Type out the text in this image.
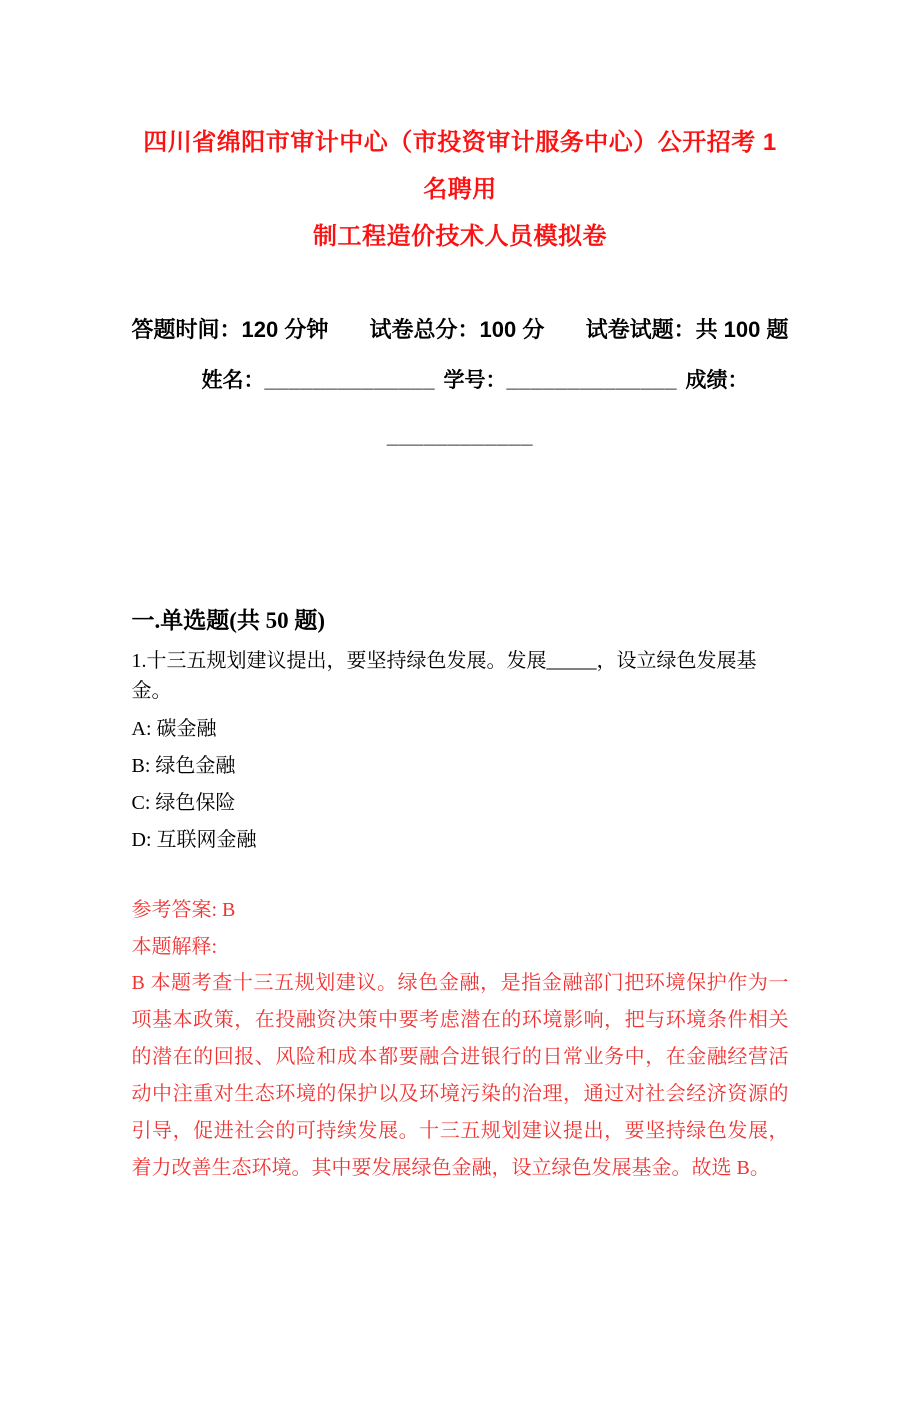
四川省绵阳市审计中心（市投资审计服务中心）公开招考 1 名聘用
制工程造价技术人员模拟卷
答题时间：120 分钟 试卷总分：100 分 试卷试题：共 100 题
姓名：______________ 学号：______________ 成绩：
____________
一.单选题(共 50 题)
1.十三五规划建议提出，要坚持绿色发展。发展_____，设立绿色发展基金。
A: 碳金融
B: 绿色金融
C: 绿色保险
D: 互联网金融
参考答案: B
本题解释:
B 本题考查十三五规划建议。绿色金融，是指金融部门把环境保护作为一项基本政策，在投融资决策中要考虑潜在的环境影响，把与环境条件相关的潜在的回报、风险和成本都要融合进银行的日常业务中，在金融经营活动中注重对生态环境的保护以及环境污染的治理，通过对社会经济资源的引导，促进社会的可持续发展。十三五规划建议提出，要坚持绿色发展，着力改善生态环境。其中要发展绿色金融，设立绿色发展基金。故选 B。
